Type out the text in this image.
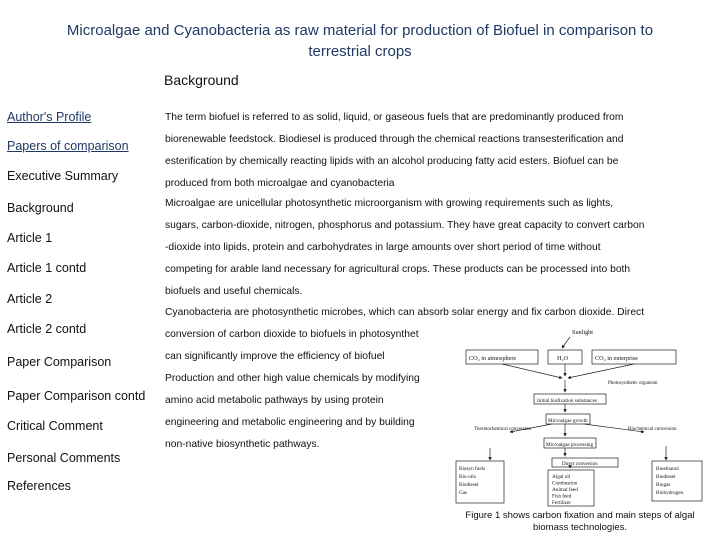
Microalgae and Cyanobacteria as raw material for production of Biofuel in comparison to
terrestrial crops
Background
Author's Profile
Papers of comparison
Executive Summary
Background
Article 1
Article 1 contd
Article 2
Article 2 contd
Paper Comparison
Paper Comparison contd
Critical Comment
Personal Comments
References
The term biofuel is referred to as solid, liquid, or gaseous fuels that are predominantly produced from
biorenewable feedstock. Biodiesel is produced through the chemical reactions transesterification and
esterification by chemically reacting lipids with an alcohol producing fatty acid esters. Biofuel can be
produced from both microalgae and cyanobacteria
Microalgae are unicellular photosynthetic microorganism with growing requirements such as lights,
sugars, carbon-dioxide, nitrogen, phosphorus and potassium. They have great capacity to convert carbon
-dioxide into lipids, protein and carbohydrates in large amounts over short period of time without
competing for arable land necessary for agricultural crops. These products can be processed into both
biofuels and useful chemicals.
Cyanobacteria are photosynthetic microbes, which can absorb solar energy and fix carbon dioxide. Direct
conversion of carbon dioxide to biofuels in photosynthet
can significantly improve the efficiency of biofuel
Production and other high value chemicals by modifying
amino acid metabolic pathways by using protein
engineering and metabolic engineering and by building
non-native biosynthetic pathways.
Sunlight
CO₂ in atmosphere	H₂O	CO₂ in enterprise
Photosynthetic organism
Initial biofixation substances
Microalgae growth
Thermochemical conversion	Biochemical conversion
Microalgae processing
Direct conversion
Biosyn fuels
Bio-oils
Biodiesel
Gas
Algal oil
Combustion
Animal feed
Fish feed
Fertilizer
Bioethanol
Biodiesel
Biogas
Biohydrogen
Figure 1 shows carbon fixation and main steps of algal
biomass technologies.
